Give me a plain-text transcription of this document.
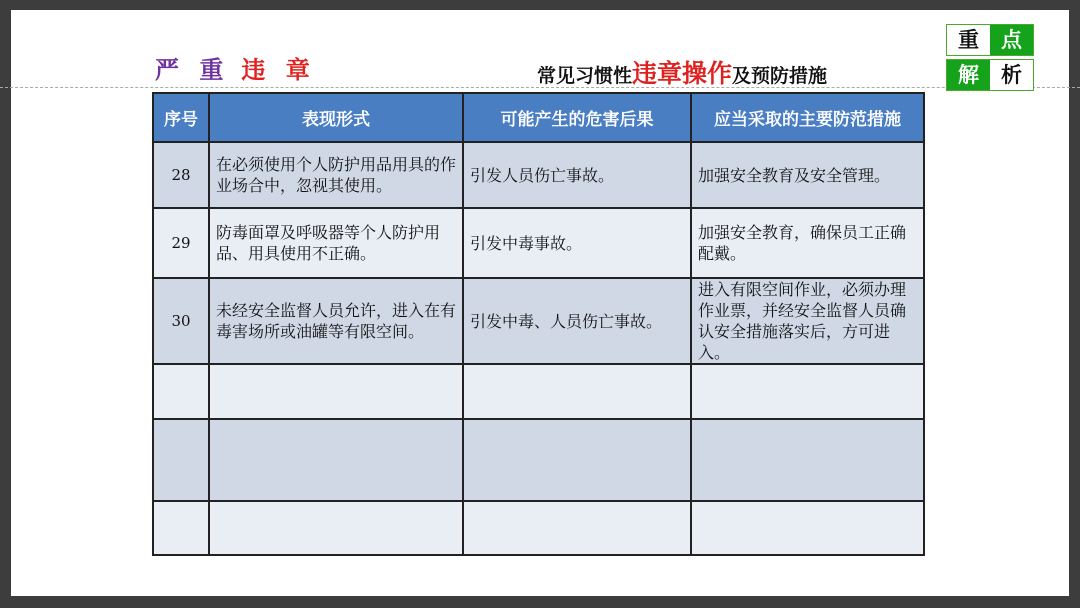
严 重 违 章	常见习惯性违章操作及预防措施
重	点
解	析
序号	表现形式	可能产生的危害后果	应当采取的主要防范措施
28	在必须使用个人防护用品用具的作业场合中，忽视其使用。	引发人员伤亡事故。	加强安全教育及安全管理。
29	防毒面罩及呼吸器等个人防护用品、用具使用不正确。	引发中毒事故。	加强安全教育，确保员工正确配戴。
30	未经安全监督人员允许，进入在有毒害场所或油罐等有限空间。	引发中毒、人员伤亡事故。	进入有限空间作业，必须办理作业票，并经安全监督人员确认安全措施落实后，方可进入。
